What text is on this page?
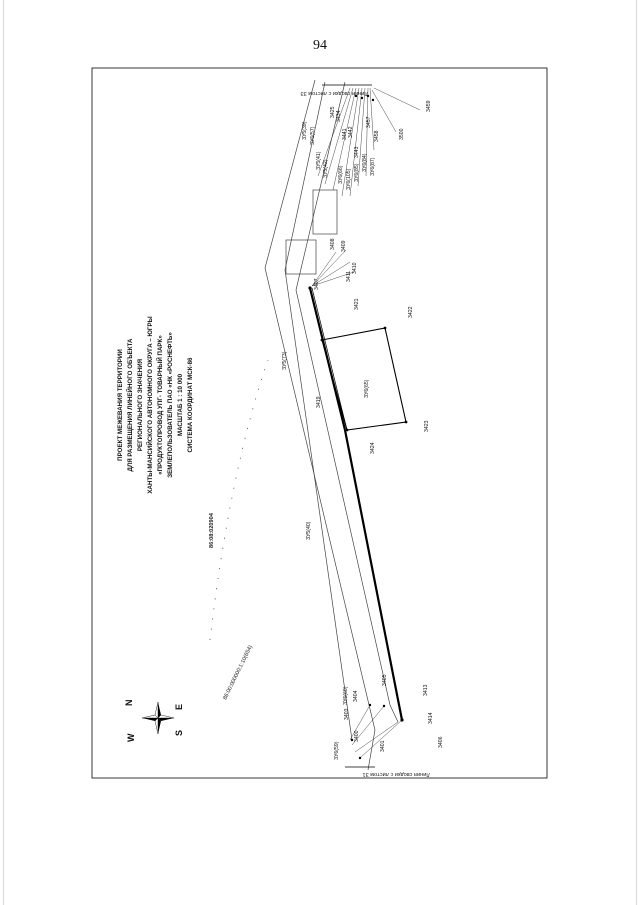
94
Линия сводки с листом 33
Линия сводки с листом 31
ПРОЕКТ МЕЖЕВАНИЯ ТЕРРИТОРИИ ДЛЯ РАЗМЕЩЕНИЯ ЛИНЕЙНОГО ОБЪЕКТА РЕГИОНАЛЬНОГО ЗНАЧЕНИЯ ХАНТЫ-МАНСИЙСКОГО АВТОНОМНОГО ОКРУГА – ЮГРЫ «ПРОДУКТОПРОВОД УПГ- ТОВАРНЫЙ ПАРК» ЗЕМЛЕПОЛЬЗОВАТЕЛЬ ПАО «НК «РОСНЕФТЬ» МАСШТАБ 1 : 10 000 СИСТЕМА КООРДИНАТ МСК-86
86:08:020904
86:00:000000:1:10(654)
N
E
S
W
ЗУ5(39) ЗУ6(57)
ЗУ5(41) ЗУ5(42) ЗУ6(66) ЗУ6(105) ЗУ6(85)
ЗУ6(84) ЗУ6(87)
ЗУ5(73)
ЗУ6(65)
ЗУ5(40)
ЗУ6(60)
ЗУ6(59)
3425 3434
3441 3442
3443
3457
3458	3500
3459
3408 3409
3410
3411
3407
3421
3422
3419
3423
3424
3405
3404
3403
3400
3401	3406
3414
3413
